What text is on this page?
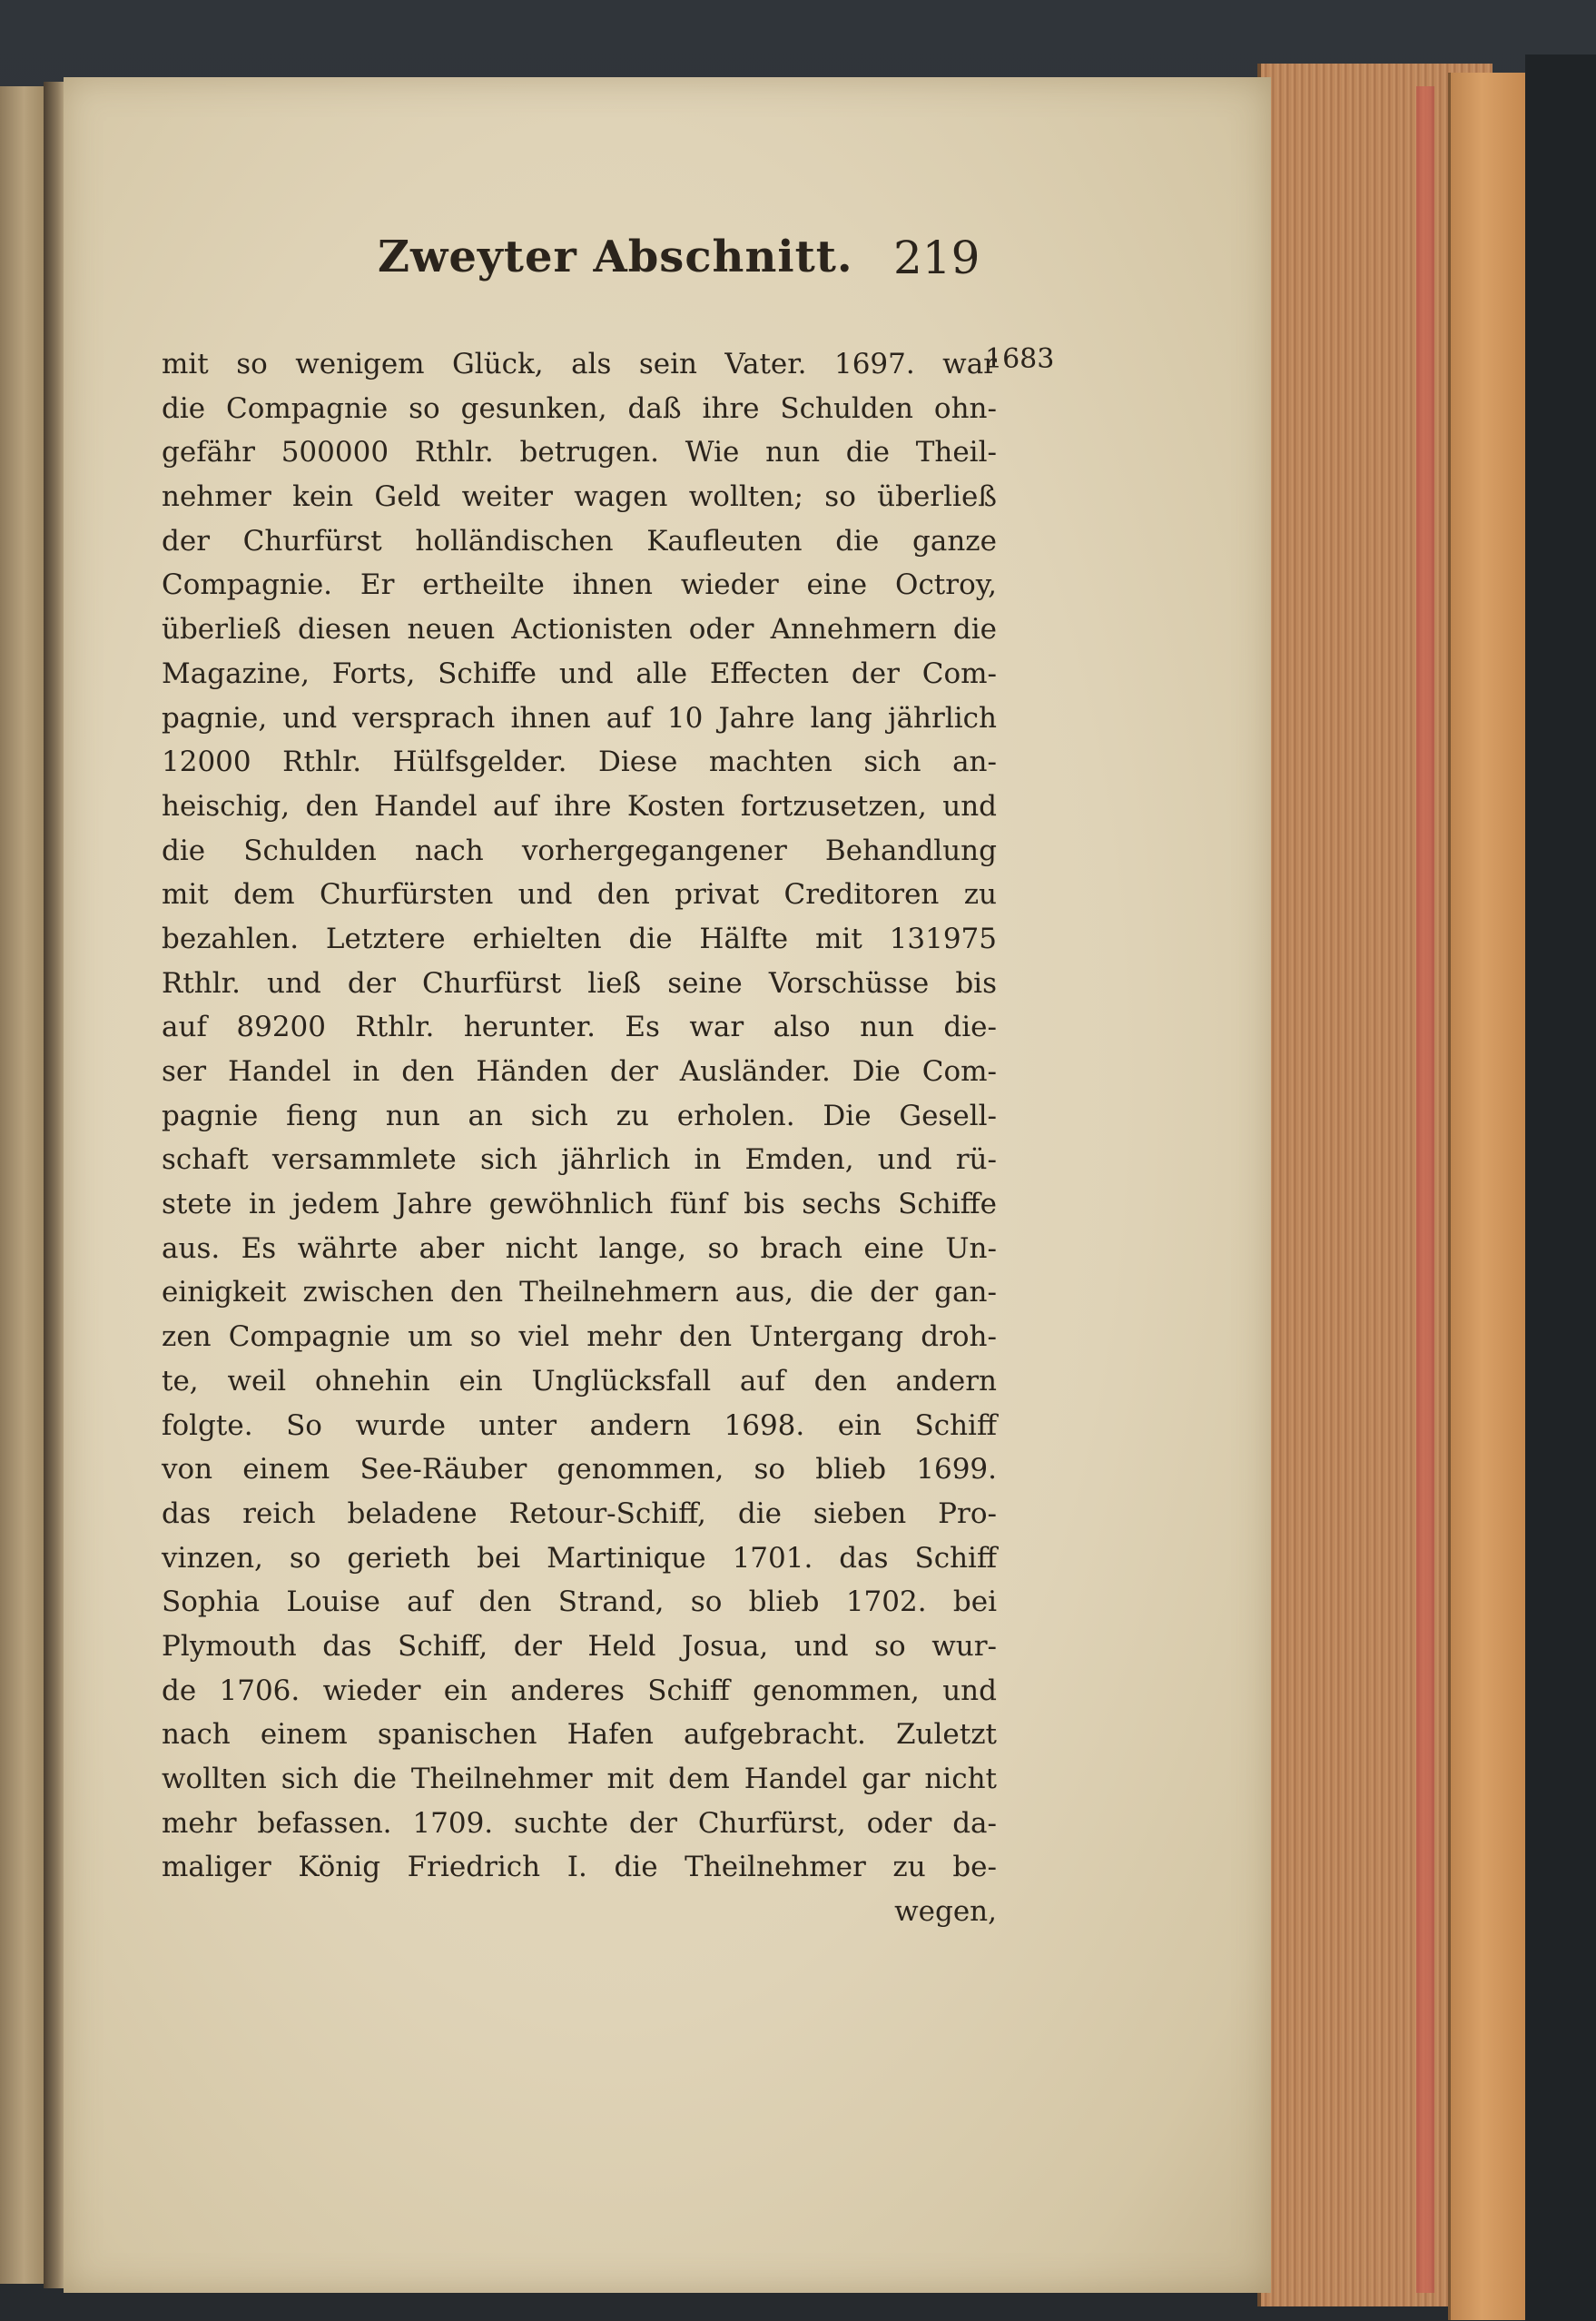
Zweyter Abschnitt. 219
mit so wenigem Glück, als sein Vater. 1697. war
die Compagnie so gesunken, daß ihre Schulden ohn-
gefähr 500000 Rthlr. betrugen. Wie nun die Theil-
nehmer kein Geld weiter wagen wollten; so überließ
der Churfürst holländischen Kaufleuten die ganze
Compagnie. Er ertheilte ihnen wieder eine Octroy,
überließ diesen neuen Actionisten oder Annehmern die
Magazine, Forts, Schiffe und alle Effecten der Com-
pagnie, und versprach ihnen auf 10 Jahre lang jährlich
12000 Rthlr. Hülfsgelder. Diese machten sich an-
heischig, den Handel auf ihre Kosten fortzusetzen, und
die Schulden nach vorhergegangener Behandlung
mit dem Churfürsten und den privat Creditoren zu
bezahlen. Letztere erhielten die Hälfte mit 131975
Rthlr. und der Churfürst ließ seine Vorschüsse bis
auf 89200 Rthlr. herunter. Es war also nun die-
ser Handel in den Händen der Ausländer. Die Com-
pagnie fieng nun an sich zu erholen. Die Gesell-
schaft versammlete sich jährlich in Emden, und rü-
stete in jedem Jahre gewöhnlich fünf bis sechs Schiffe
aus. Es währte aber nicht lange, so brach eine Un-
einigkeit zwischen den Theilnehmern aus, die der gan-
zen Compagnie um so viel mehr den Untergang droh-
te, weil ohnehin ein Unglücksfall auf den andern
folgte. So wurde unter andern 1698. ein Schiff
von einem See-Räuber genommen, so blieb 1699.
das reich beladene Retour-Schiff, die sieben Pro-
vinzen, so gerieth bei Martinique 1701. das Schiff
Sophia Louise auf den Strand, so blieb 1702. bei
Plymouth das Schiff, der Held Josua, und so wur-
de 1706. wieder ein anderes Schiff genommen, und
nach einem spanischen Hafen aufgebracht. Zuletzt
wollten sich die Theilnehmer mit dem Handel gar nicht
mehr befassen. 1709. suchte der Churfürst, oder da-
maliger König Friedrich I. die Theilnehmer zu be-
wegen,
1683
